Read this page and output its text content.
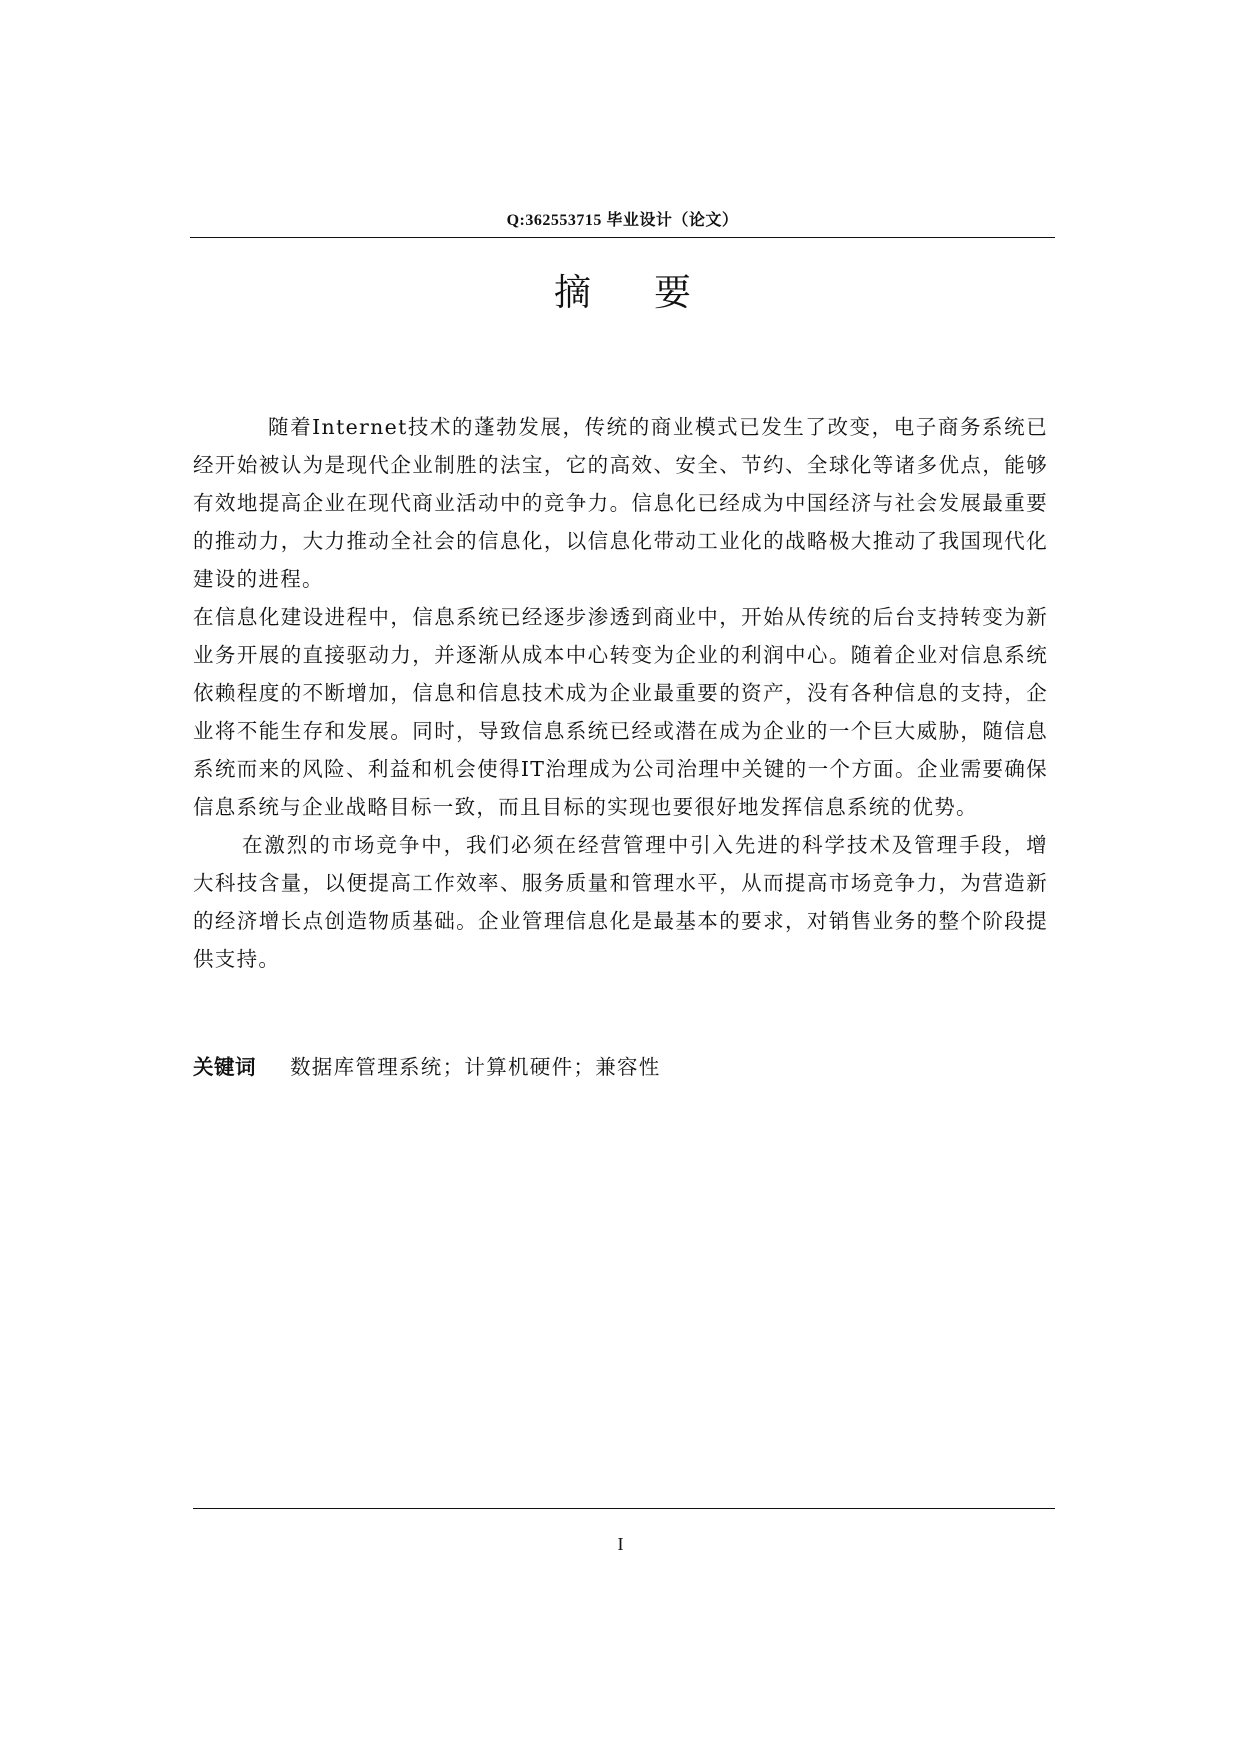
Q:362553715 毕业设计（论文）
摘要

随着Internet技术的蓬勃发展，传统的商业模式已发生了改变，电子商务系统已经开始被认为是现代企业制胜的法宝，它的高效、安全、节约、全球化等诸多优点，能够有效地提高企业在现代商业活动中的竞争力。信息化已经成为中国经济与社会发展最重要的推动力，大力推动全社会的信息化，以信息化带动工业化的战略极大推动了我国现代化建设的进程。

在信息化建设进程中，信息系统已经逐步渗透到商业中，开始从传统的后台支持转变为新业务开展的直接驱动力，并逐渐从成本中心转变为企业的利润中心。随着企业对信息系统依赖程度的不断增加，信息和信息技术成为企业最重要的资产，没有各种信息的支持，企业将不能生存和发展。同时，导致信息系统已经或潜在成为企业的一个巨大威胁，随信息系统而来的风险、利益和机会使得IT治理成为公司治理中关键的一个方面。企业需要确保信息系统与企业战略目标一致，而且目标的实现也要很好地发挥信息系统的优势。

在激烈的市场竞争中，我们必须在经营管理中引入先进的科学技术及管理手段，增大科技含量，以便提高工作效率、服务质量和管理水平，从而提高市场竞争力，为营造新的经济增长点创造物质基础。企业管理信息化是最基本的要求，对销售业务的整个阶段提供支持。

关键词 数据库管理系统；计算机硬件；兼容性
I
